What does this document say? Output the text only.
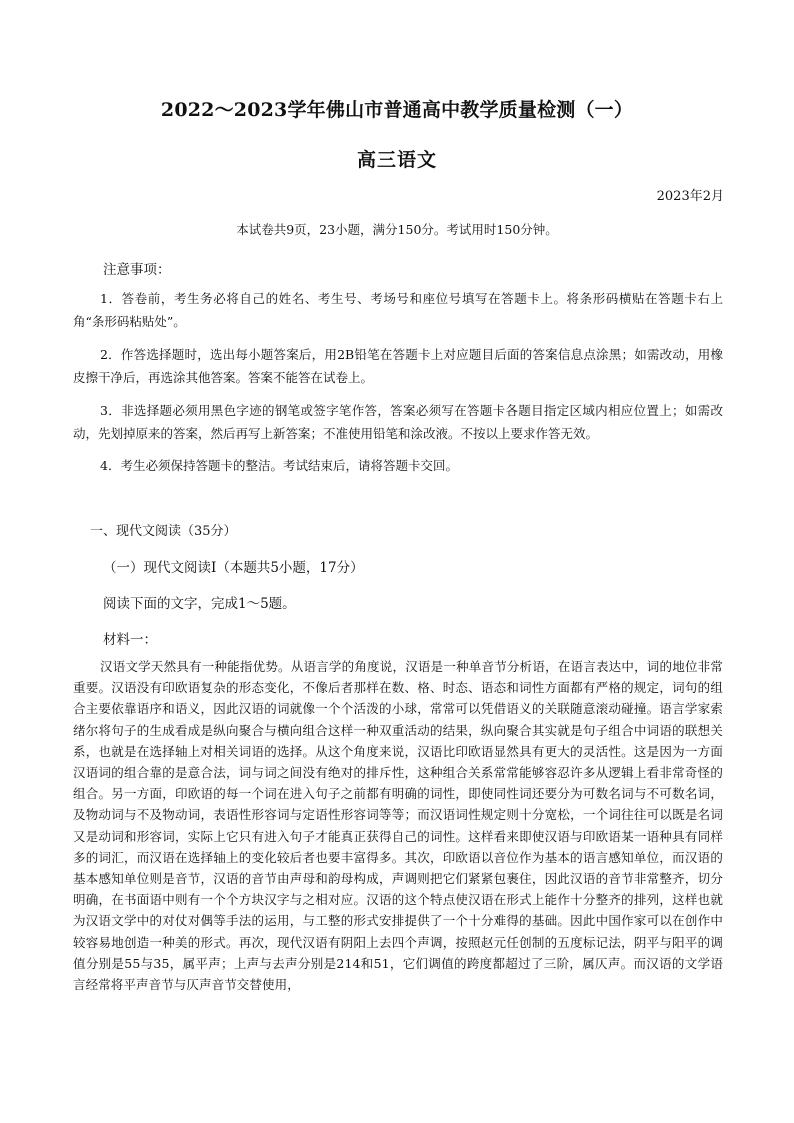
2022～2023学年佛山市普通高中教学质量检测（一）
高三语文
2023年2月
本试卷共9页，23小题，满分150分。考试用时150分钟。
注意事项：
1．答卷前，考生务必将自己的姓名、考生号、考场号和座位号填写在答题卡上。将条形码横贴在答题卡右上角“条形码粘贴处”。
2．作答选择题时，选出每小题答案后，用2B铅笔在答题卡上对应题目后面的答案信息点涂黑；如需改动，用橡皮擦干净后，再选涂其他答案。答案不能答在试卷上。
3．非选择题必须用黑色字迹的钢笔或签字笔作答，答案必须写在答题卡各题目指定区域内相应位置上；如需改动，先划掉原来的答案，然后再写上新答案；不准使用铅笔和涂改液。不按以上要求作答无效。
4．考生必须保持答题卡的整洁。考试结束后，请将答题卡交回。
一、现代文阅读（35分）
（一）现代文阅读Ⅰ（本题共5小题，17分）
阅读下面的文字，完成1～5题。
材料一：
汉语文学天然具有一种能指优势。从语言学的角度说，汉语是一种单音节分析语，在语言表达中，词的地位非常重要。汉语没有印欧语复杂的形态变化，不像后者那样在数、格、时态、语态和词性方面都有严格的规定，词句的组合主要依靠语序和语义，因此汉语的词就像一个个活泼的小球，常常可以凭借语义的关联随意滚动碰撞。语言学家索绪尔将句子的生成看成是纵向聚合与横向组合这样一种双重活动的结果，纵向聚合其实就是句子组合中词语的联想关系，也就是在选择轴上对相关词语的选择。从这个角度来说，汉语比印欧语显然具有更大的灵活性。这是因为一方面汉语词的组合靠的是意合法，词与词之间没有绝对的排斥性，这种组合关系常常能够容忍许多从逻辑上看非常奇怪的组合。另一方面，印欧语的每一个词在进入句子之前都有明确的词性，即使同性词还要分为可数名词与不可数名词，及物动词与不及物动词，表语性形容词与定语性形容词等等；而汉语词性规定则十分宽松，一个词往往可以既是名词又是动词和形容词，实际上它只有进入句子才能真正获得自己的词性。这样看来即使汉语与印欧语某一语种具有同样多的词汇，而汉语在选择轴上的变化较后者也要丰富得多。其次，印欧语以音位作为基本的语言感知单位，而汉语的基本感知单位则是音节，汉语的音节由声母和韵母构成，声调则把它们紧紧包裹住，因此汉语的音节非常整齐，切分明确，在书面语中则有一个个方块汉字与之相对应。汉语的这个特点使汉语在形式上能作十分整齐的排列，这样也就为汉语文学中的对仗对偶等手法的运用，与工整的形式安排提供了一个十分难得的基础。因此中国作家可以在创作中较容易地创造一种美的形式。再次，现代汉语有阴阳上去四个声调，按照赵元任创制的五度标记法，阴平与阳平的调值分别是55与35，属平声；上声与去声分别是214和51，它们调值的跨度都超过了三阶，属仄声。而汉语的文学语言经常将平声音节与仄声音节交替使用，
